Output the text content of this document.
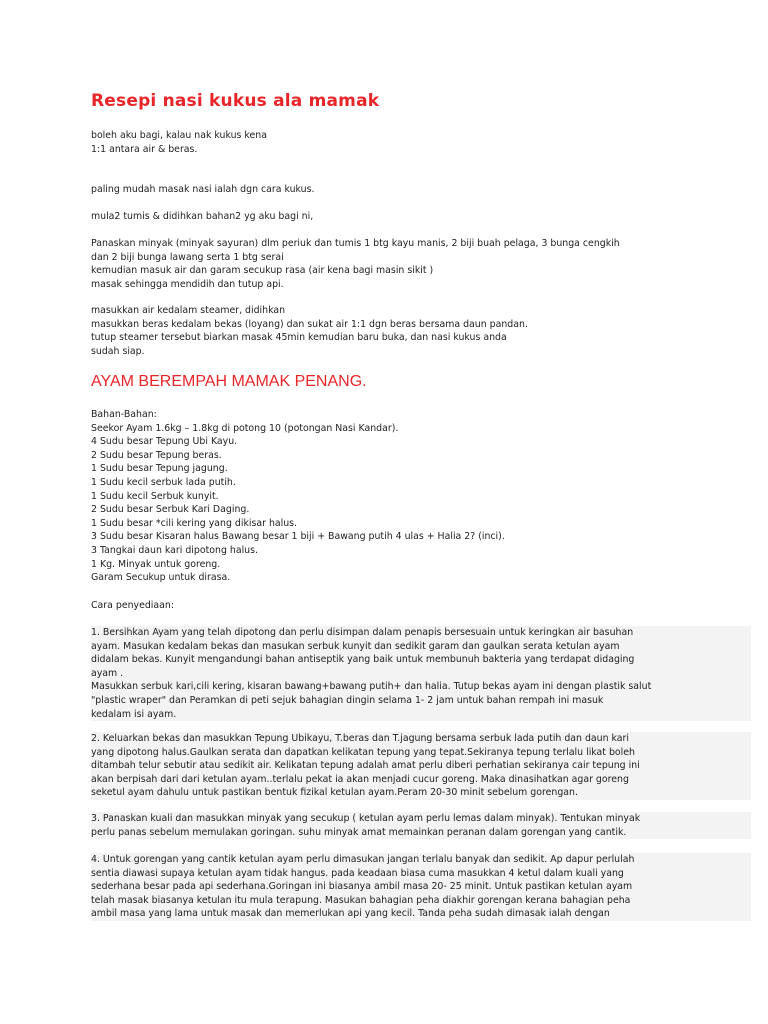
Resepi nasi kukus ala mamak
boleh aku bagi, kalau nak kukus kena
1:1 antara air & beras.
paling mudah masak nasi ialah dgn cara kukus.
mula2 tumis & didihkan bahan2 yg aku bagi ni,
Panaskan minyak (minyak sayuran) dlm periuk dan tumis 1 btg kayu manis, 2 biji buah pelaga, 3 bunga cengkih
dan 2 biji bunga lawang serta 1 btg serai
kemudian masuk air dan garam secukup rasa (air kena bagi masin sikit )
masak sehingga mendidih dan tutup api.
masukkan air kedalam steamer, didihkan
masukkan beras kedalam bekas (loyang) dan sukat air 1:1 dgn beras bersama daun pandan.
tutup steamer tersebut biarkan masak 45min kemudian baru buka, dan nasi kukus anda
sudah siap.
AYAM BEREMPAH MAMAK PENANG.
Bahan-Bahan:
Seekor Ayam 1.6kg – 1.8kg di potong 10 (potongan Nasi Kandar).
4 Sudu besar Tepung Ubi Kayu.
2 Sudu besar Tepung beras.
1 Sudu besar Tepung jagung.
1 Sudu kecil serbuk lada putih.
1 Sudu kecil Serbuk kunyit.
2 Sudu besar Serbuk Kari Daging.
1 Sudu besar *cili kering yang dikisar halus.
3 Sudu besar Kisaran halus Bawang besar 1 biji + Bawang putih 4 ulas + Halia 2? (inci).
3 Tangkai daun kari dipotong halus.
1 Kg. Minyak untuk goreng.
Garam Secukup untuk dirasa.
Cara penyediaan:
1. Bersihkan Ayam yang telah dipotong dan perlu disimpan dalam penapis bersesuain untuk keringkan air basuhan
ayam. Masukan kedalam bekas dan masukan serbuk kunyit dan sedikit garam dan gaulkan serata ketulan ayam
didalam bekas. Kunyit mengandungi bahan antiseptik yang baik untuk membunuh bakteria yang terdapat didaging
ayam .
Masukkan serbuk kari,cili kering, kisaran bawang+bawang putih+ dan halia. Tutup bekas ayam ini dengan plastik salut
"plastic wraper" dan Peramkan di peti sejuk bahagian dingin selama 1- 2 jam untuk bahan rempah ini masuk
kedalam isi ayam.
2. Keluarkan bekas dan masukkan Tepung Ubikayu, T.beras dan T.jagung bersama serbuk lada putih dan daun kari
yang dipotong halus.Gaulkan serata dan dapatkan kelikatan tepung yang tepat.Sekiranya tepung terlalu likat boleh
ditambah telur sebutir atau sedikit air. Kelikatan tepung adalah amat perlu diberi perhatian sekiranya cair tepung ini
akan berpisah dari dari ketulan ayam..terlalu pekat ia akan menjadi cucur goreng. Maka dinasihatkan agar goreng
seketul ayam dahulu untuk pastikan bentuk fizikal ketulan ayam.Peram 20-30 minit sebelum gorengan.
3. Panaskan kuali dan masukkan minyak yang secukup ( ketulan ayam perlu lemas dalam minyak). Tentukan minyak
perlu panas sebelum memulakan goringan. suhu minyak amat memainkan peranan dalam gorengan yang cantik.
4. Untuk gorengan yang cantik ketulan ayam perlu dimasukan jangan terlalu banyak dan sedikit. Ap dapur perlulah
sentia diawasi supaya ketulan ayam tidak hangus. pada keadaan biasa cuma masukkan 4 ketul dalam kuali yang
sederhana besar pada api sederhana.Goringan ini biasanya ambil masa 20- 25 minit. Untuk pastikan ketulan ayam
telah masak biasanya ketulan itu mula terapung. Masukan bahagian peha diakhir gorengan kerana bahagian peha
ambil masa yang lama untuk masak dan memerlukan api yang kecil. Tanda peha sudah dimasak ialah dengan
